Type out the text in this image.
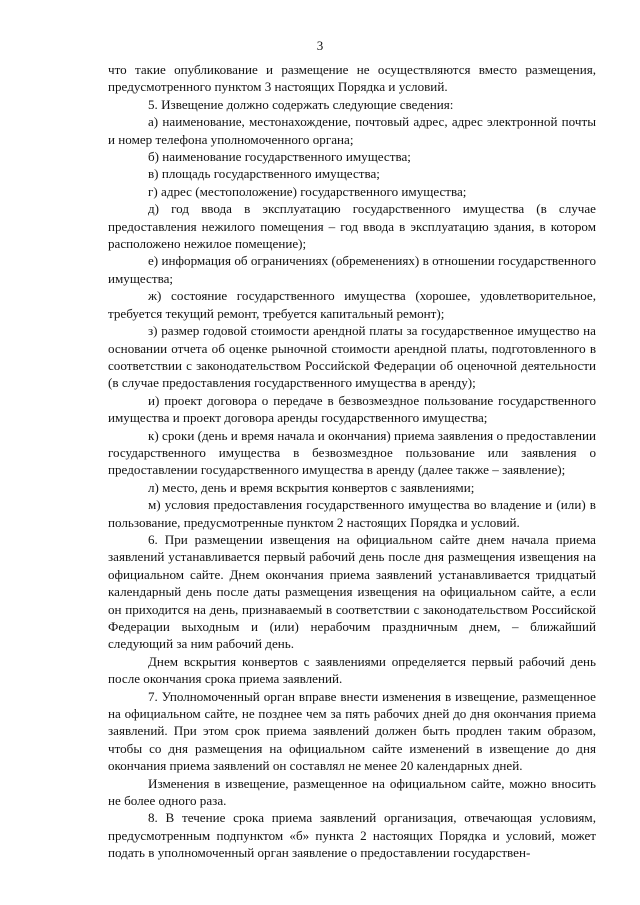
3

что такие опубликование и размещение не осуществляются вместо размещения, предусмотренного пунктом 3 настоящих Порядка и условий.

5. Извещение должно содержать следующие сведения:

а) наименование, местонахождение, почтовый адрес, адрес электронной почты и номер телефона уполномоченного органа;

б) наименование государственного имущества;

в) площадь государственного имущества;

г) адрес (местоположение) государственного имущества;

д) год ввода в эксплуатацию государственного имущества (в случае предоставления нежилого помещения – год ввода в эксплуатацию здания, в котором расположено нежилое помещение);

е) информация об ограничениях (обременениях) в отношении государственного имущества;

ж) состояние государственного имущества (хорошее, удовлетворительное, требуется текущий ремонт, требуется капитальный ремонт);

з) размер годовой стоимости арендной платы за государственное имущество на основании отчета об оценке рыночной стоимости арендной платы, подготовленного в соответствии с законодательством Российской Федерации об оценочной деятельности (в случае предоставления государственного имущества в аренду);

и) проект договора о передаче в безвозмездное пользование государственного имущества и проект договора аренды государственного имущества;

к) сроки (день и время начала и окончания) приема заявления о предоставлении государственного имущества в безвозмездное пользование или заявления о предоставлении государственного имущества в аренду (далее также – заявление);

л) место, день и время вскрытия конвертов с заявлениями;

м) условия предоставления государственного имущества во владение и (или) в пользование, предусмотренные пунктом 2 настоящих Порядка и условий.

6. При размещении извещения на официальном сайте днем начала приема заявлений устанавливается первый рабочий день после дня размещения извещения на официальном сайте. Днем окончания приема заявлений устанавливается тридцатый календарный день после даты размещения извещения на официальном сайте, а если он приходится на день, признаваемый в соответствии с законодательством Российской Федерации выходным и (или) нерабочим праздничным днем, – ближайший следующий за ним рабочий день.

Днем вскрытия конвертов с заявлениями определяется первый рабочий день после окончания срока приема заявлений.

7. Уполномоченный орган вправе внести изменения в извещение, размещенное на официальном сайте, не позднее чем за пять рабочих дней до дня окончания приема заявлений. При этом срок приема заявлений должен быть продлен таким образом, чтобы со дня размещения на официальном сайте изменений в извещение до дня окончания приема заявлений он составлял не менее 20 календарных дней.

Изменения в извещение, размещенное на официальном сайте, можно вносить не более одного раза.

8. В течение срока приема заявлений организация, отвечающая условиям, предусмотренным подпунктом «б» пункта 2 настоящих Порядка и условий, может подать в уполномоченный орган заявление о предоставлении государствен-
